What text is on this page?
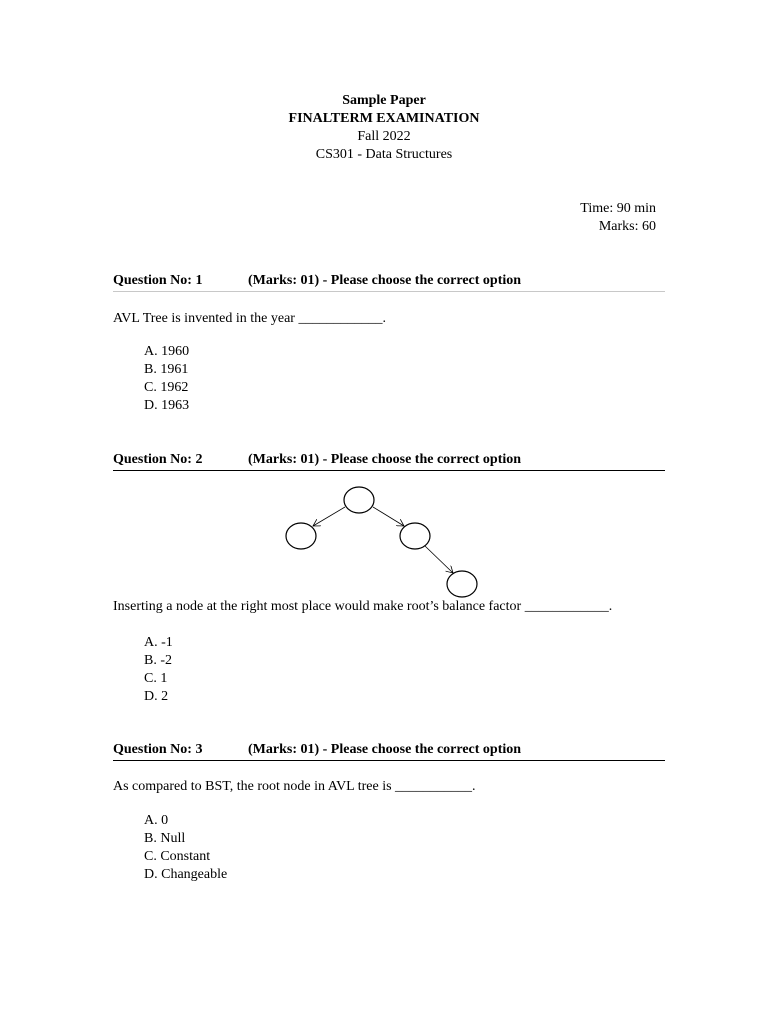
Sample Paper
FINALTERM EXAMINATION
Fall 2022
CS301 - Data Structures
Time: 90 min
Marks: 60
Question No: 1	(Marks: 01) - Please choose the correct option
AVL Tree is invented in the year ____________.
A. 1960
B. 1961
C. 1962
D. 1963
Question No: 2	(Marks: 01) - Please choose the correct option
Inserting a node at the right most place would make root’s balance factor ____________.
A. -1
B. -2
C. 1
D. 2
Question No: 3	(Marks: 01) - Please choose the correct option
As compared to BST, the root node in AVL tree is ___________.
A. 0
B. Null
C. Constant
D. Changeable
